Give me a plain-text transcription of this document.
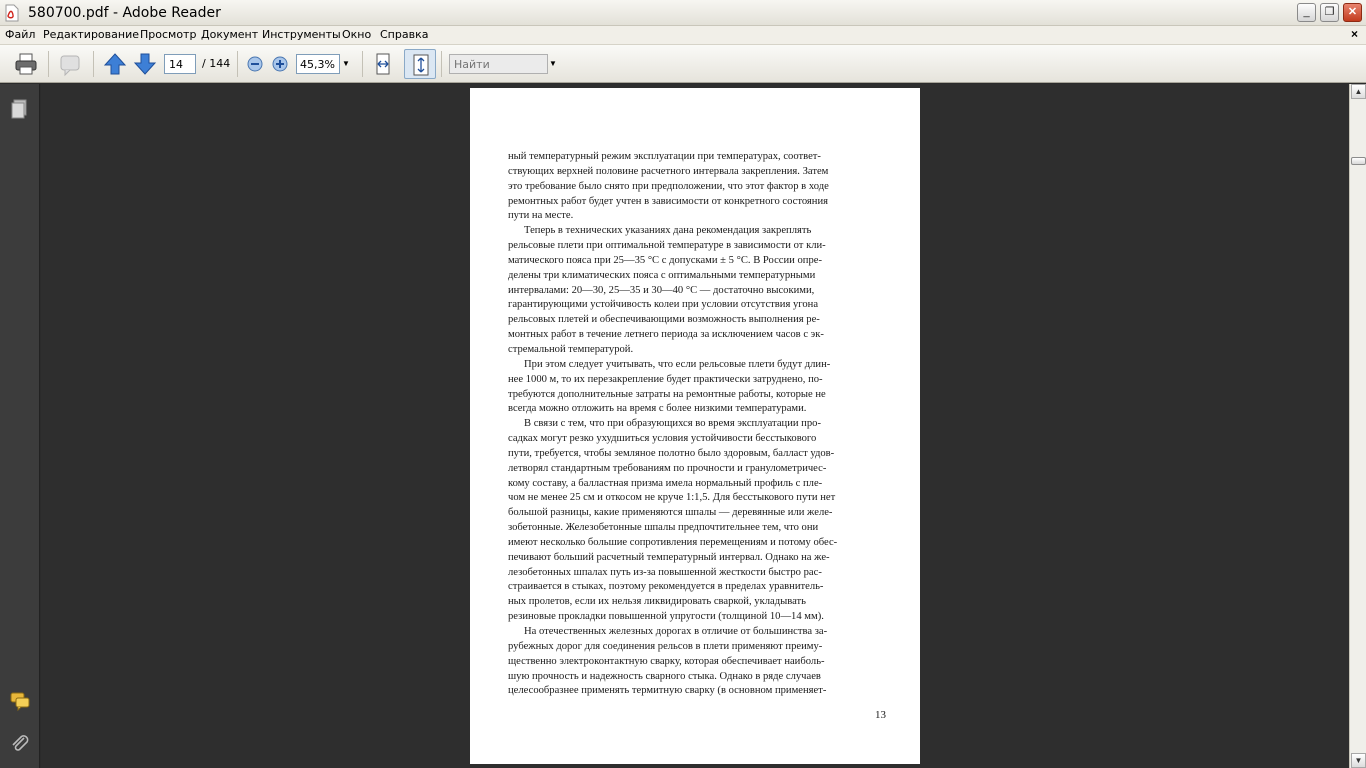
580700.pdf - Adobe Reader	_	❐	✕
Файл Редактирование Просмотр Документ Инструменты Окно Справка	×
14
/ 144
45,3%	▼
Найти	▼
ный температурный режим эксплуатации при температурах, соответ-
ствующих верхней половине расчетного интервала закрепления. Затем
это требование было снято при предположении, что этот фактор в ходе
ремонтных работ будет учтен в зависимости от конкретного состояния
пути на месте.
Теперь в технических указаниях дана рекомендация закреплять
рельсовые плети при оптимальной температуре в зависимости от кли-
матического пояса при 25—35 °С с допусками ± 5 °С. В России опре-
делены три климатических пояса с оптимальными температурными
интервалами: 20—30, 25—35 и 30—40 °С — достаточно высокими,
гарантирующими устойчивость колеи при условии отсутствия угона
рельсовых плетей и обеспечивающими возможность выполнения ре-
монтных работ в течение летнего периода за исключением часов с эк-
стремальной температурой.
При этом следует учитывать, что если рельсовые плети будут длин-
нее 1000 м, то их перезакрепление будет практически затруднено, по-
требуются дополнительные затраты на ремонтные работы, которые не
всегда можно отложить на время с более низкими температурами.
В связи с тем, что при образующихся во время эксплуатации про-
садках могут резко ухудшиться условия устойчивости бесстыкового
пути, требуется, чтобы земляное полотно было здоровым, балласт удов-
летворял стандартным требованиям по прочности и гранулометричес-
кому составу, а балластная призма имела нормальный профиль с пле-
чом не менее 25 см и откосом не круче 1:1,5. Для бесстыкового пути нет
большой разницы, какие применяются шпалы — деревянные или желе-
зобетонные. Железобетонные шпалы предпочтительнее тем, что они
имеют несколько большие сопротивления перемещениям и потому обес-
печивают больший расчетный температурный интервал. Однако на же-
лезобетонных шпалах путь из-за повышенной жесткости быстро рас-
страивается в стыках, поэтому рекомендуется в пределах уравнитель-
ных пролетов, если их нельзя ликвидировать сваркой, укладывать
резиновые прокладки повышенной упругости (толщиной 10—14 мм).
На отечественных железных дорогах в отличие от большинства за-
рубежных дорог для соединения рельсов в плети применяют преиму-
щественно электроконтактную сварку, которая обеспечивает наиболь-
шую прочность и надежность сварного стыка. Однако в ряде случаев
целесообразнее применять термитную сварку (в основном применяет-
13
▲
▼
